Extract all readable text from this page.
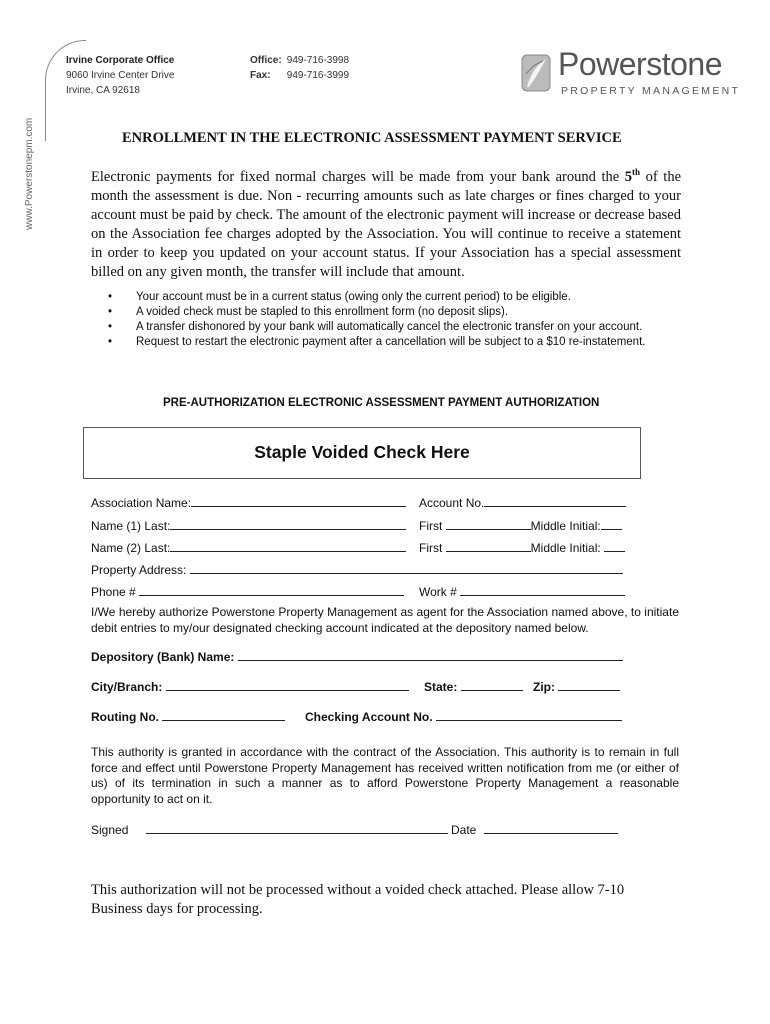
www.Powerstonepm.com
Irvine Corporate Office
9060 Irvine Center Drive
Irvine, CA 92618
Office: 949-716-3998
Fax: 949-716-3999	Powerstone
PROPERTY MANAGEMENT
ENROLLMENT IN THE ELECTRONIC ASSESSMENT PAYMENT SERVICE
Electronic payments for fixed normal charges will be made from your bank around the 5th of the month the assessment is due. Non - recurring amounts such as late charges or fines charged to your account must be paid by check. The amount of the electronic payment will increase or decrease based on the Association fee charges adopted by the Association. You will continue to receive a statement in order to keep you updated on your account status. If your Association has a special assessment billed on any given month, the transfer will include that amount.
• Your account must be in a current status (owing only the current period) to be eligible.
• A voided check must be stapled to this enrollment form (no deposit slips).
• A transfer dishonored by your bank will automatically cancel the electronic transfer on your account.
• Request to restart the electronic payment after a cancellation will be subject to a $10 re-instatement.
PRE-AUTHORIZATION ELECTRONIC ASSESSMENT PAYMENT AUTHORIZATION
Staple Voided Check Here
Association Name:	Account No.
Name (1) Last:	First	Middle Initial:
Name (2) Last:	First	Middle Initial:
Property Address:
Phone #	Work #
I/We hereby authorize Powerstone Property Management as agent for the Association named above, to initiate debit entries to my/our designated checking account indicated at the depository named below.
Depository (Bank) Name:
City/Branch:	State:	Zip:
Routing No.	Checking Account No.
This authority is granted in accordance with the contract of the Association. This authority is to remain in full force and effect until Powerstone Property Management has received written notification from me (or either of us) of its termination in such a manner as to afford Powerstone Property Management a reasonable opportunity to act on it.
Signed	Date
This authorization will not be processed without a voided check attached. Please allow 7-10 Business days for processing.
